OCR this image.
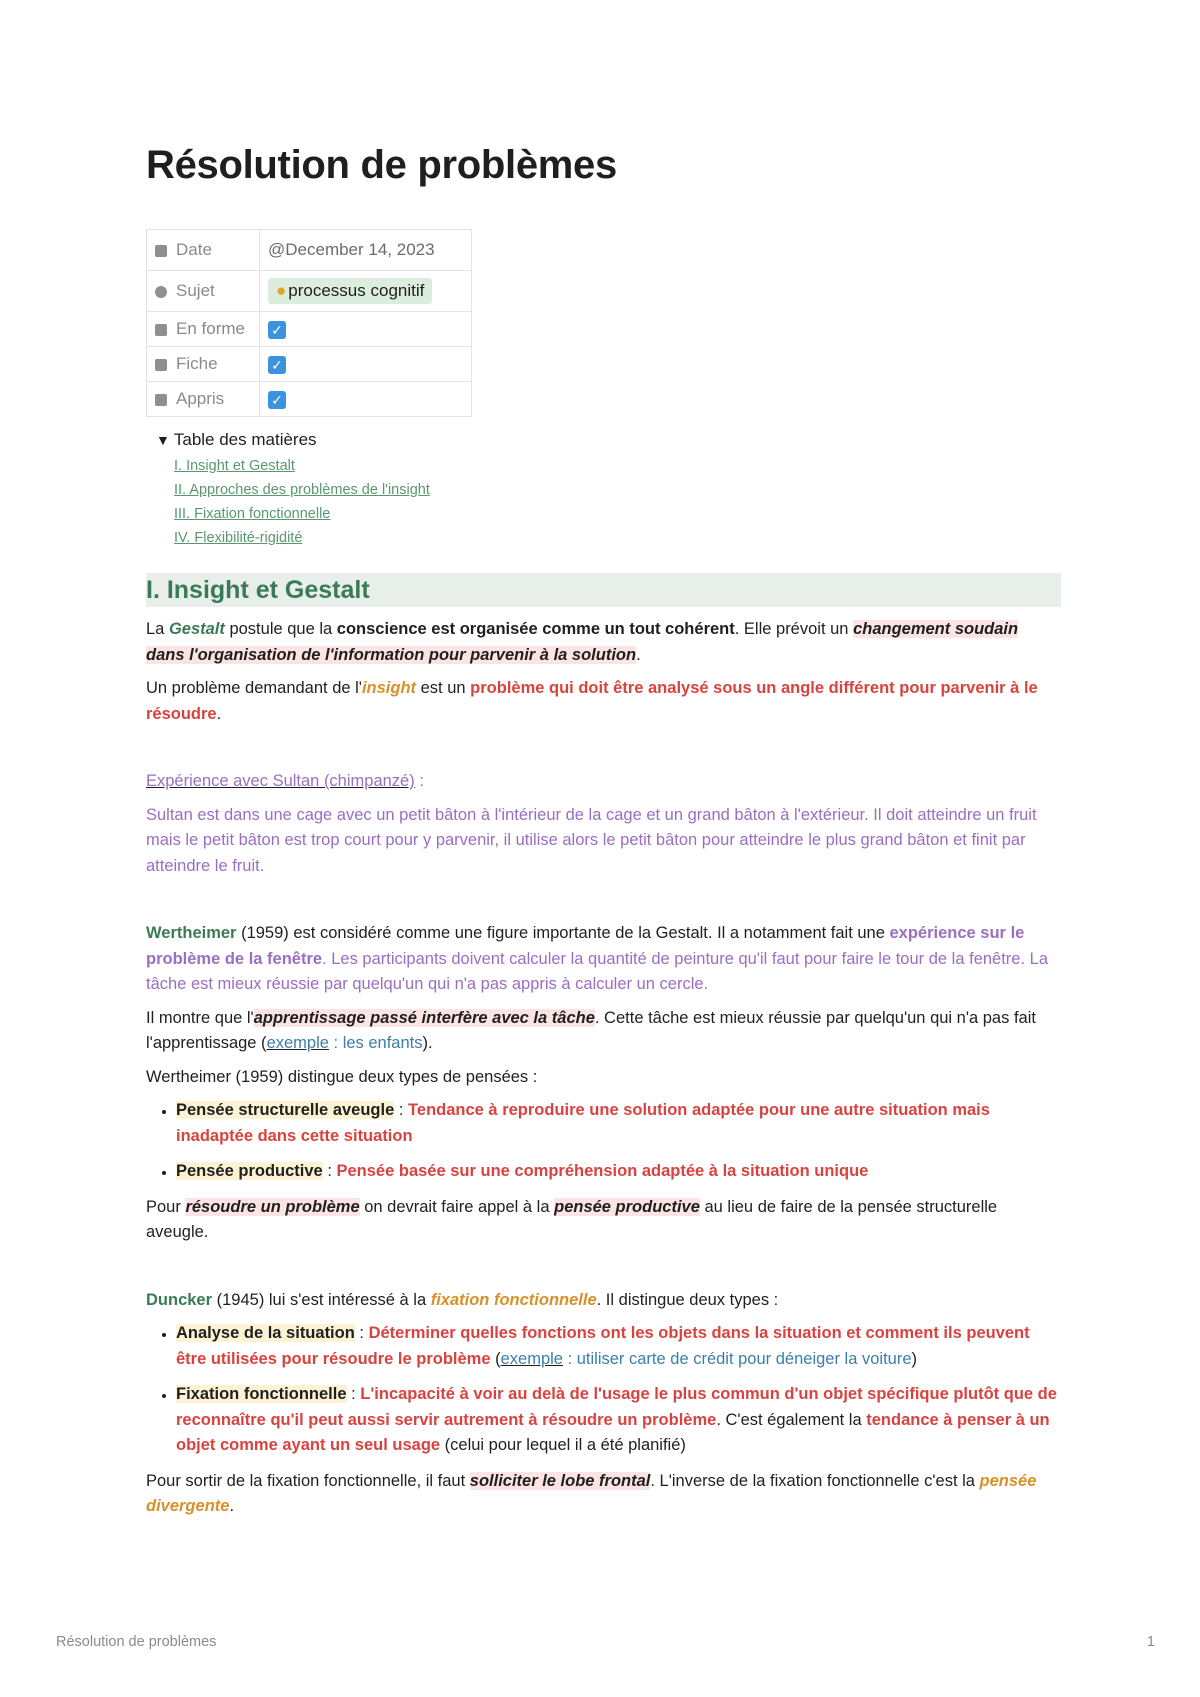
Résolution de problèmes
Date	@December 14, 2023
Sujet	● processus cognitif
En forme	✓
Fiche	✓
Appris	✓
▼ Table des matières
I. Insight et Gestalt
II. Approches des problèmes de l'insight
III. Fixation fonctionnelle
IV. Flexibilité-rigidité
I. Insight et Gestalt

La Gestalt postule que la conscience est organisée comme un tout cohérent. Elle prévoit un changement soudain dans l'organisation de l'information pour parvenir à la solution.

Un problème demandant de l'insight est un problème qui doit être analysé sous un angle différent pour parvenir à le résoudre.

Expérience avec Sultan (chimpanzé) :

Sultan est dans une cage avec un petit bâton à l'intérieur de la cage et un grand bâton à l'extérieur. Il doit atteindre un fruit mais le petit bâton est trop court pour y parvenir, il utilise alors le petit bâton pour atteindre le plus grand bâton et finit par atteindre le fruit.

Wertheimer (1959) est considéré comme une figure importante de la Gestalt. Il a notamment fait une expérience sur le problème de la fenêtre. Les participants doivent calculer la quantité de peinture qu'il faut pour faire le tour de la fenêtre. La tâche est mieux réussie par quelqu'un qui n'a pas appris à calculer un cercle.

Il montre que l'apprentissage passé interfère avec la tâche. Cette tâche est mieux réussie par quelqu'un qui n'a pas fait l'apprentissage (exemple : les enfants).

Wertheimer (1959) distingue deux types de pensées :

• Pensée structurelle aveugle : Tendance à reproduire une solution adaptée pour une autre situation mais inadaptée dans cette situation
• Pensée productive : Pensée basée sur une compréhension adaptée à la situation unique

Pour résoudre un problème on devrait faire appel à la pensée productive au lieu de faire de la pensée structurelle aveugle.

Duncker (1945) lui s'est intéressé à la fixation fonctionnelle. Il distingue deux types :

• Analyse de la situation : Déterminer quelles fonctions ont les objets dans la situation et comment ils peuvent être utilisées pour résoudre le problème (exemple : utiliser carte de crédit pour déneiger la voiture)
• Fixation fonctionnelle : L'incapacité à voir au delà de l'usage le plus commun d'un objet spécifique plutôt que de reconnaître qu'il peut aussi servir autrement à résoudre un problème. C'est également la tendance à penser à un objet comme ayant un seul usage (celui pour lequel il a été planifié)

Pour sortir de la fixation fonctionnelle, il faut solliciter le lobe frontal. L'inverse de la fixation fonctionnelle c'est la pensée divergente.

Résolution de problèmes	1
